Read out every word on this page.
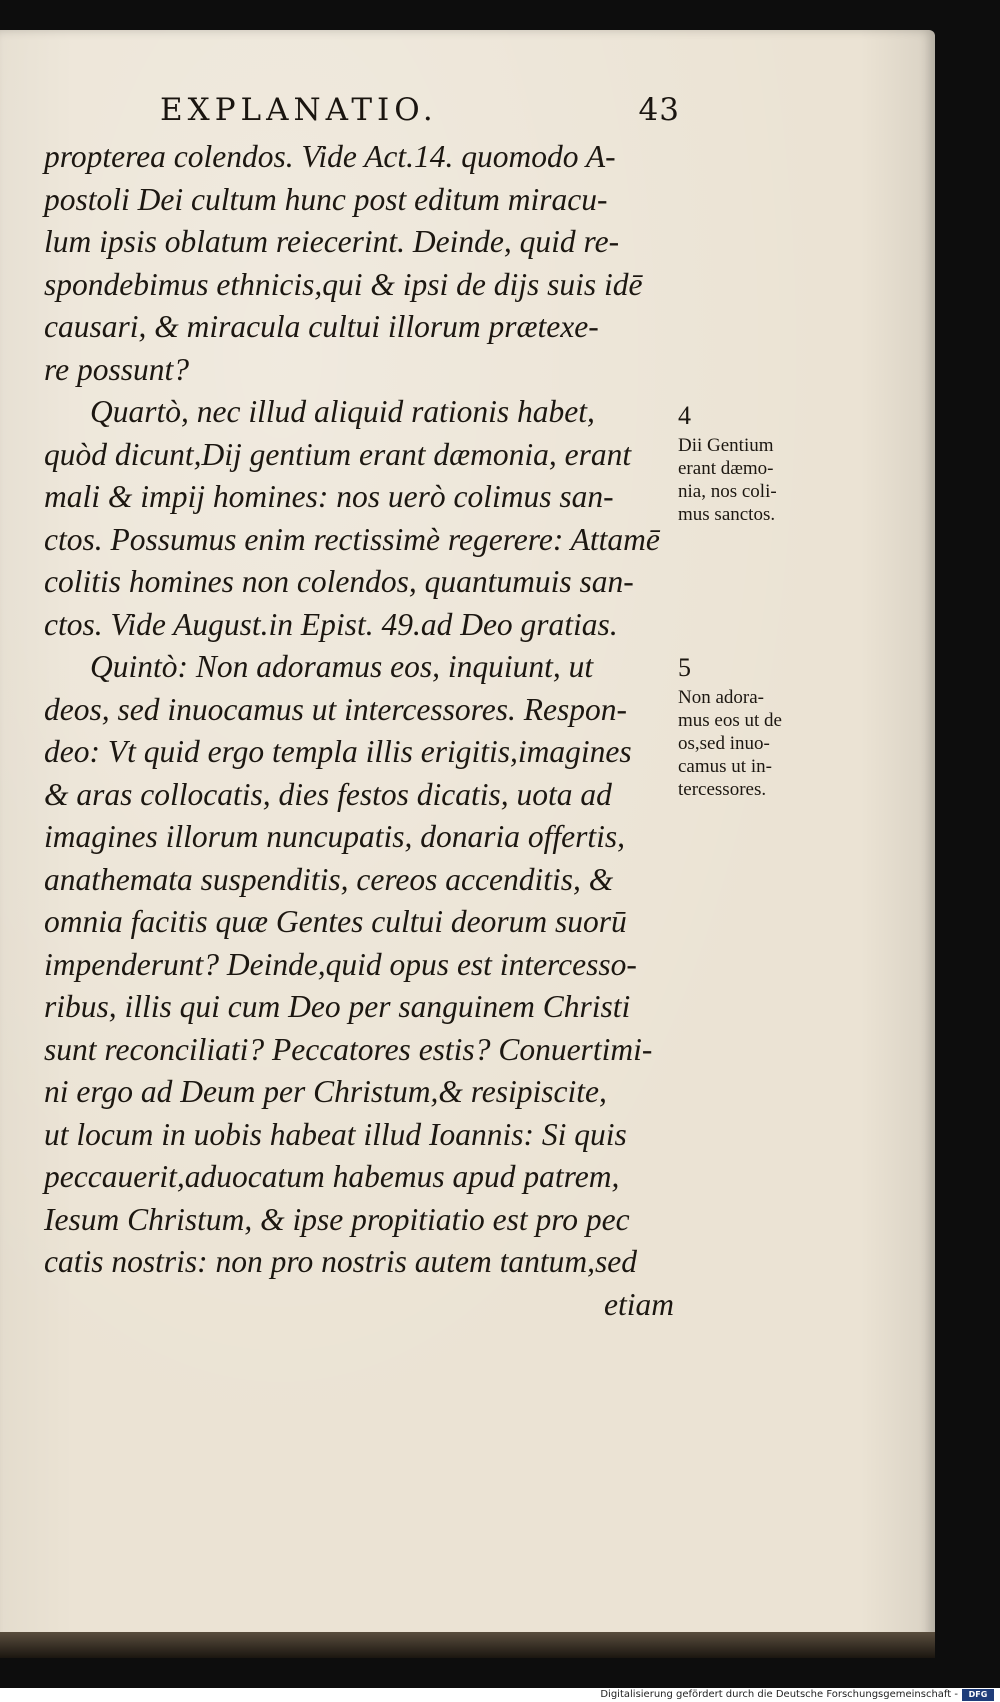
EXPLANATIO.	43
propterea colendos. Vide Act.14. quomodo A-
postoli Dei cultum hunc post editum miracu-
lum ipsis oblatum reiecerint. Deinde, quid re-
spondebimus ethnicis,qui & ipsi de dijs suis idē
causari, & miracula cultui illorum prætexe-
re possunt?
Quartò, nec illud aliquid rationis habet,
quòd dicunt,Dij gentium erant dæmonia, erant
mali & impij homines: nos uerò colimus san-
ctos. Possumus enim rectissimè regerere: Attamē
colitis homines non colendos, quantumuis san-
ctos. Vide August.in Epist. 49.ad Deo gratias.
Quintò: Non adoramus eos, inquiunt, ut
deos, sed inuocamus ut intercessores. Respon-
deo: Vt quid ergo templa illis erigitis,imagines
& aras collocatis, dies festos dicatis, uota ad
imagines illorum nuncupatis, donaria offertis,
anathemata suspenditis, cereos accenditis, &
omnia facitis quæ Gentes cultui deorum suorū
impenderunt? Deinde,quid opus est intercesso-
ribus, illis qui cum Deo per sanguinem Christi
sunt reconciliati? Peccatores estis? Conuertimi-
ni ergo ad Deum per Christum,& resipiscite,
ut locum in uobis habeat illud Ioannis: Si quis
peccauerit,aduocatum habemus apud patrem,
Iesum Christum, & ipse propitiatio est pro pec
catis nostris: non pro nostris autem tantum,sed
etiam
4
Dii Gentium
erant dæmo-
nia, nos coli-
mus sanctos.
5
Non adora-
mus eos ut de
os,sed inuo-
camus ut in-
tercessores.
Digitalisierung gefördert durch die Deutsche Forschungsgemeinschaft -	DFG
